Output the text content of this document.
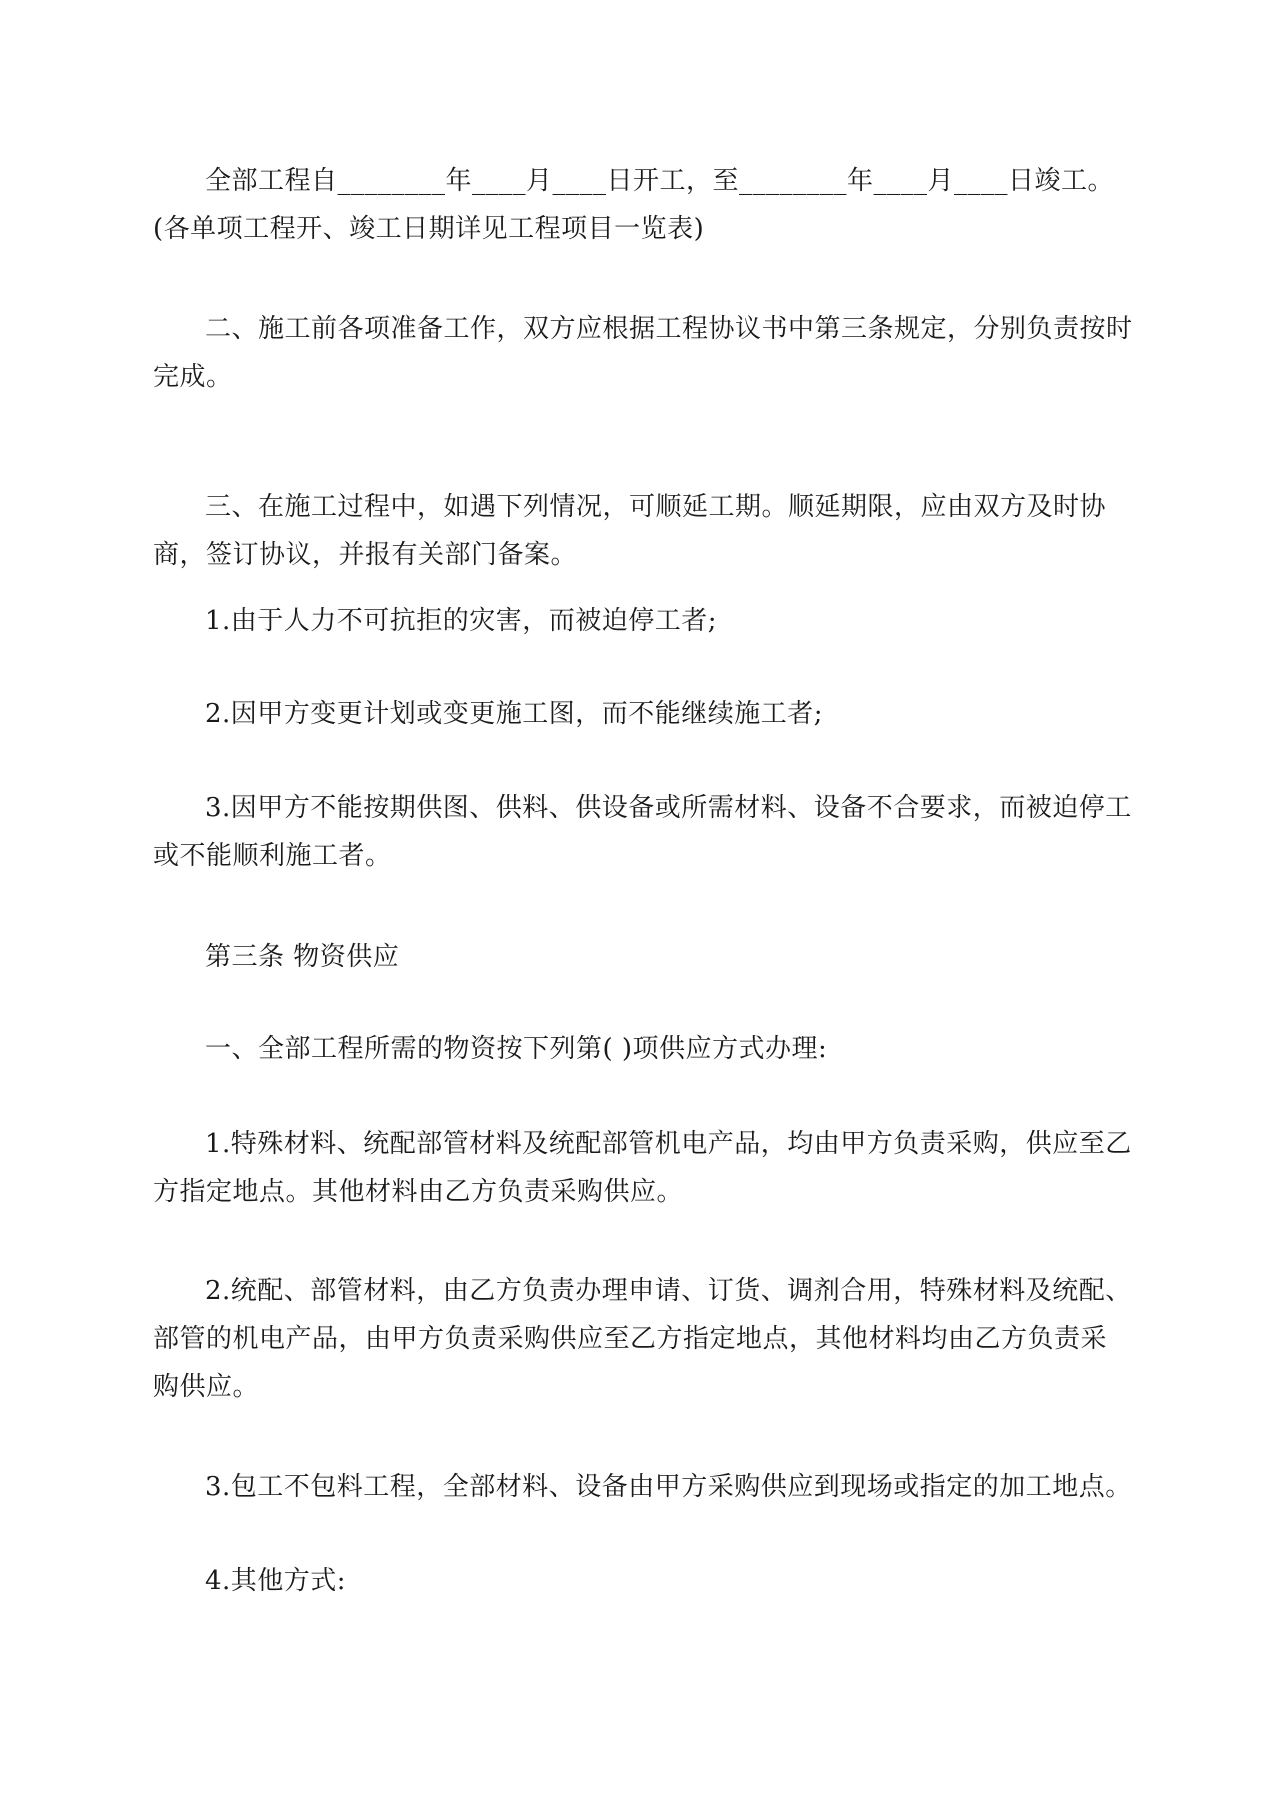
全部工程自________年____月____日开工，至________年____月____日竣工。(各单项工程开、竣工日期详见工程项目一览表)

二、施工前各项准备工作，双方应根据工程协议书中第三条规定，分别负责按时完成。

三、在施工过程中，如遇下列情况，可顺延工期。顺延期限，应由双方及时协商，签订协议，并报有关部门备案。

1.由于人力不可抗拒的灾害，而被迫停工者;

2.因甲方变更计划或变更施工图，而不能继续施工者;

3.因甲方不能按期供图、供料、供设备或所需材料、设备不合要求，而被迫停工或不能顺利施工者。

第三条 物资供应

一、全部工程所需的物资按下列第( )项供应方式办理:

1.特殊材料、统配部管材料及统配部管机电产品，均由甲方负责采购，供应至乙方指定地点。其他材料由乙方负责采购供应。

2.统配、部管材料，由乙方负责办理申请、订货、调剂合用，特殊材料及统配、部管的机电产品，由甲方负责采购供应至乙方指定地点，其他材料均由乙方负责采购供应。

3.包工不包料工程，全部材料、设备由甲方采购供应到现场或指定的加工地点。

4.其他方式:
